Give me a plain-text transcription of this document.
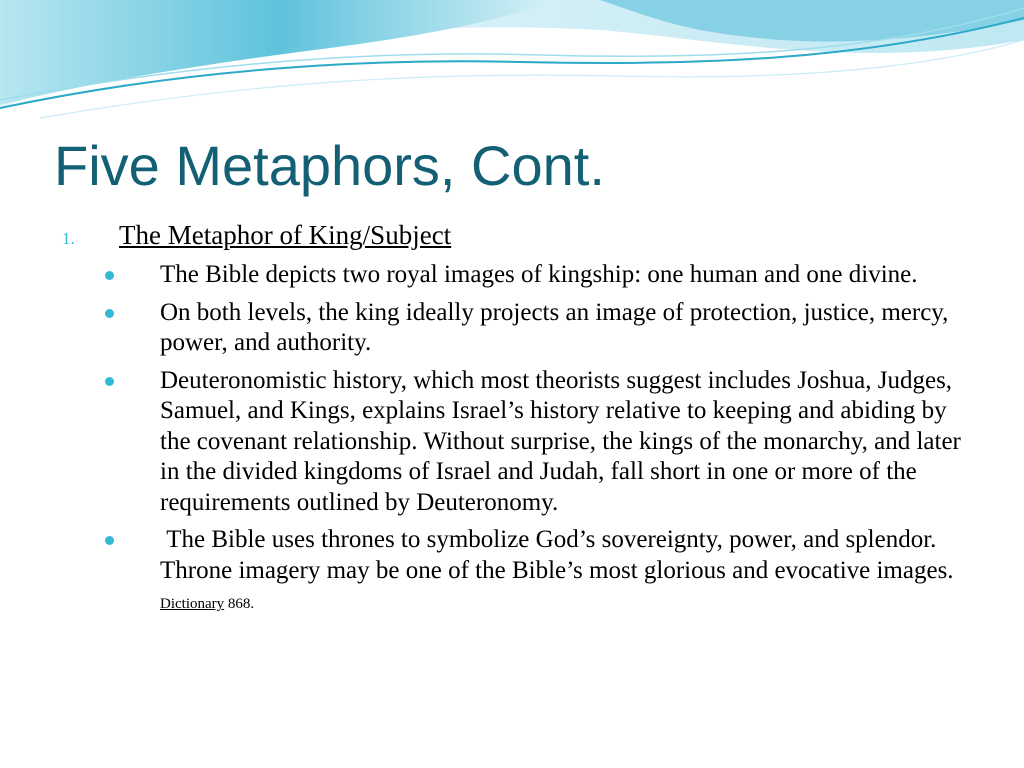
Five Metaphors, Cont.
1. The Metaphor of King/Subject
The Bible depicts two royal images of kingship: one human and one divine.
On both levels, the king ideally projects an image of protection, justice, mercy, power, and authority.
Deuteronomistic history, which most theorists suggest includes Joshua, Judges, Samuel, and Kings, explains Israel’s history relative to keeping and abiding by the covenant relationship. Without surprise, the kings of the monarchy, and later in the divided kingdoms of Israel and Judah, fall short in one or more of the requirements outlined by Deuteronomy.
The Bible uses thrones to symbolize God’s sovereignty, power, and splendor. Throne imagery may be one of the Bible’s most glorious and evocative images. Dictionary 868.
